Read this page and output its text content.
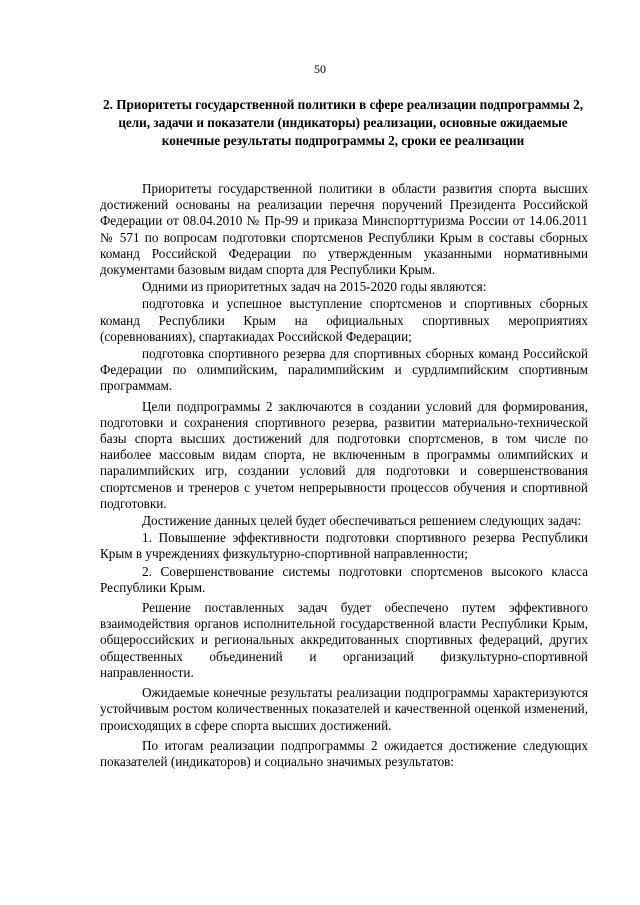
50
2. Приоритеты государственной политики в сфере реализации подпрограммы 2, цели, задачи и показатели (индикаторы) реализации, основные ожидаемые конечные результаты подпрограммы 2, сроки ее реализации

Приоритеты государственной политики в области развития спорта высших достижений основаны на реализации перечня поручений Президента Российской Федерации от 08.04.2010 № Пр-99 и приказа Минспорттуризма России от 14.06.2011 № 571 по вопросам подготовки спортсменов Республики Крым в составы сборных команд Российской Федерации по утвержденным указанными нормативными документами базовым видам спорта для Республики Крым.

Одними из приоритетных задач на 2015-2020 годы являются:

подготовка и успешное выступление спортсменов и спортивных сборных команд Республики Крым на официальных спортивных мероприятиях (соревнованиях), спартакиадах Российской Федерации;

подготовка спортивного резерва для спортивных сборных команд Российской Федерации по олимпийским, паралимпийским и сурдлимпийским спортивным программам.

Цели подпрограммы 2 заключаются в создании условий для формирования, подготовки и сохранения спортивного резерва, развитии материально-технической базы спорта высших достижений для подготовки спортсменов, в том числе по наиболее массовым видам спорта, не включенным в программы олимпийских и паралимпийских игр, создании условий для подготовки и совершенствования спортсменов и тренеров с учетом непрерывности процессов обучения и спортивной подготовки.

Достижение данных целей будет обеспечиваться решением следующих задач:

1. Повышение эффективности подготовки спортивного резерва Республики Крым в учреждениях физкультурно-спортивной направленности;

2. Совершенствование системы подготовки спортсменов высокого класса Республики Крым.

Решение поставленных задач будет обеспечено путем эффективного взаимодействия органов исполнительной государственной власти Республики Крым, общероссийских и региональных аккредитованных спортивных федераций, других общественных объединений и организаций физкультурно-спортивной направленности.

Ожидаемые конечные результаты реализации подпрограммы характеризуются устойчивым ростом количественных показателей и качественной оценкой изменений, происходящих в сфере спорта высших достижений.

По итогам реализации подпрограммы 2 ожидается достижение следующих показателей (индикаторов) и социально значимых результатов:
